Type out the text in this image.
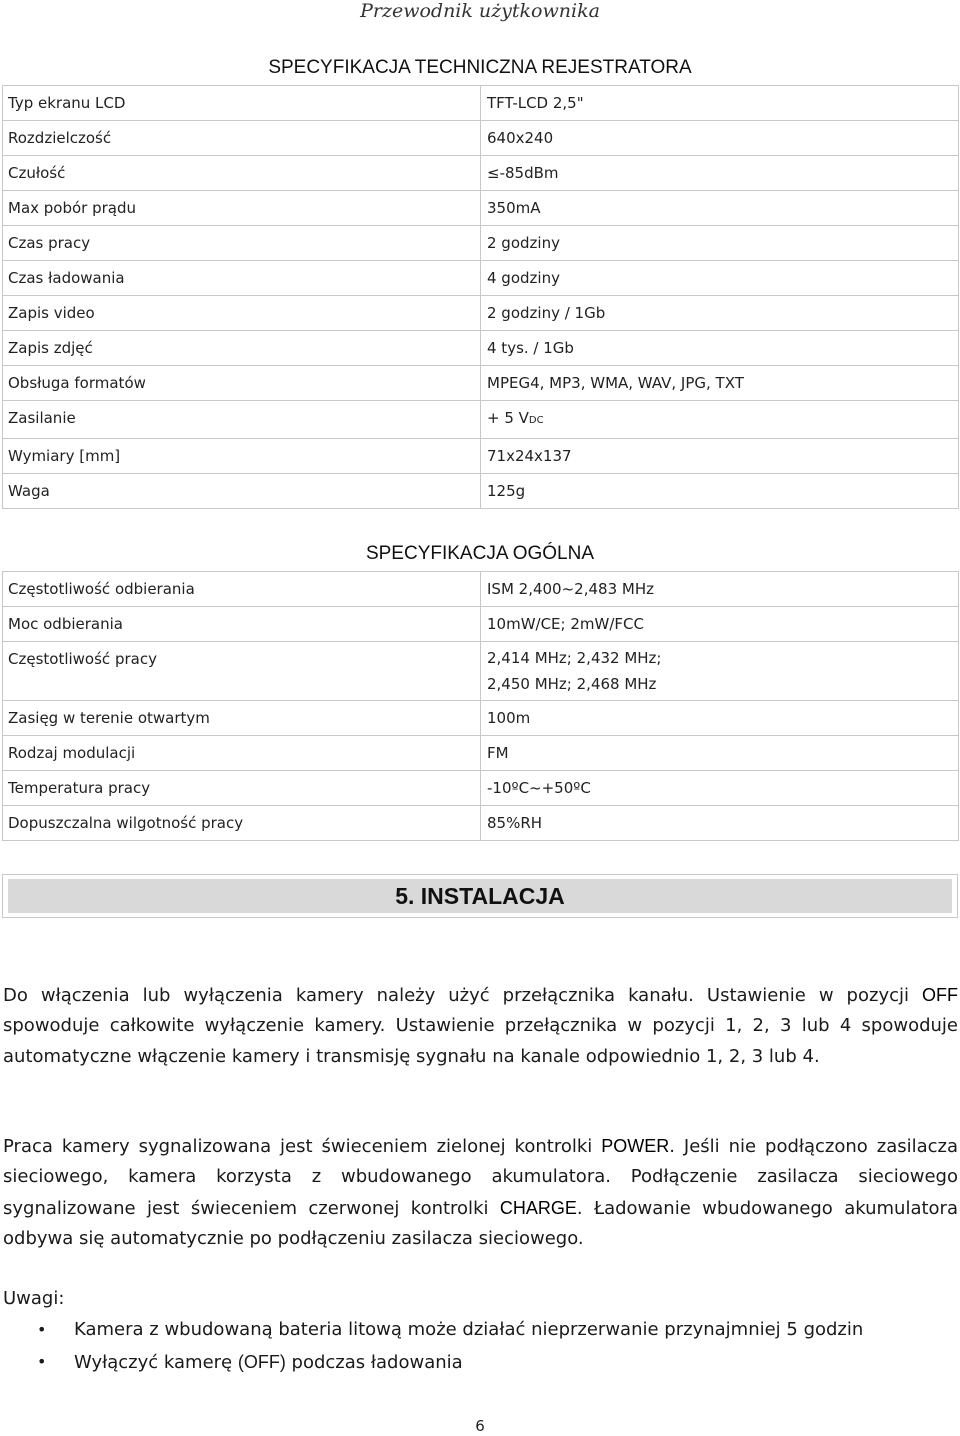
Przewodnik użytkownika
SPECYFIKACJA TECHNICZNA REJESTRATORA
Typ ekranu LCD	TFT-LCD 2,5"
Rozdzielczość	640x240
Czułość	≤-85dBm
Max pobór prądu	350mA
Czas pracy	2 godziny
Czas ładowania	4 godziny
Zapis video	2 godziny / 1Gb
Zapis zdjęć	4 tys. / 1Gb
Obsługa formatów	MPEG4, MP3, WMA, WAV, JPG, TXT
Zasilanie	+ 5 VDC
Wymiary [mm]	71x24x137
Waga	125g
SPECYFIKACJA OGÓLNA
Częstotliwość odbierania	ISM 2,400~2,483 MHz
Moc odbierania	10mW/CE; 2mW/FCC
Częstotliwość pracy	2,414 MHz; 2,432 MHz;
2,450 MHz; 2,468 MHz

Zasięg w terenie otwartym	100m
Rodzaj modulacji	FM
Temperatura pracy	-10ºC~+50ºC
Dopuszczalna wilgotność pracy	85%RH
5. INSTALACJA
Do włączenia lub wyłączenia kamery należy użyć przełącznika kanału. Ustawienie w pozycji OFF spowoduje całkowite wyłączenie kamery. Ustawienie przełącznika w pozycji 1, 2, 3 lub 4 spowoduje automatyczne włączenie kamery i transmisję sygnału na kanale odpowiednio 1, 2, 3 lub 4.
Praca kamery sygnalizowana jest świeceniem zielonej kontrolki POWER. Jeśli nie podłączono zasilacza sieciowego, kamera korzysta z wbudowanego akumulatora. Podłączenie zasilacza sieciowego sygnalizowane jest świeceniem czerwonej kontrolki CHARGE. Ładowanie wbudowanego akumulatora odbywa się automatycznie po podłączeniu zasilacza sieciowego.
Uwagi:
• Kamera z wbudowaną bateria litową może działać nieprzerwanie przynajmniej 5 godzin
• Wyłączyć kamerę (OFF) podczas ładowania
6
